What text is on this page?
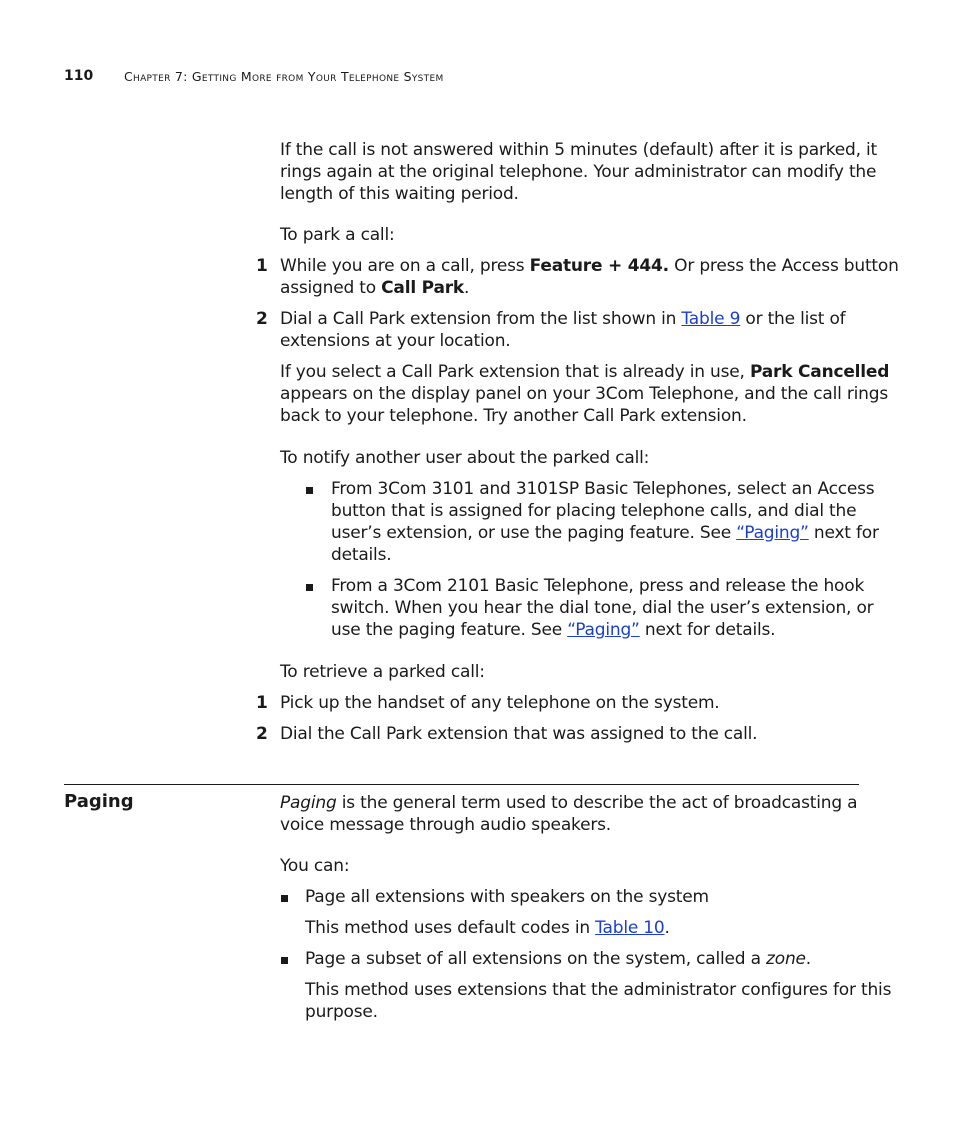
110 Chapter 7: Getting More from Your Telephone System
If the call is not answered within 5 minutes (default) after it is parked, it
rings again at the original telephone. Your administrator can modify the
length of this waiting period.
To park a call:
1 While you are on a call, press Feature + 444. Or press the Access button
assigned to Call Park.
2 Dial a Call Park extension from the list shown in Table 9 or the list of
extensions at your location.
If you select a Call Park extension that is already in use, Park Cancelled
appears on the display panel on your 3Com Telephone, and the call rings
back to your telephone. Try another Call Park extension.
To notify another user about the parked call:
From 3Com 3101 and 3101SP Basic Telephones, select an Access
button that is assigned for placing telephone calls, and dial the
user’s extension, or use the paging feature. See “Paging” next for
details.
From a 3Com 2101 Basic Telephone, press and release the hook
switch. When you hear the dial tone, dial the user’s extension, or
use the paging feature. See “Paging” next for details.
To retrieve a parked call:
1 Pick up the handset of any telephone on the system.
2 Dial the Call Park extension that was assigned to the call.
Paging	Paging is the general term used to describe the act of broadcasting a
voice message through audio speakers.
You can:
Page all extensions with speakers on the system
This method uses default codes in Table 10.
Page a subset of all extensions on the system, called a zone.
This method uses extensions that the administrator configures for this
purpose.
